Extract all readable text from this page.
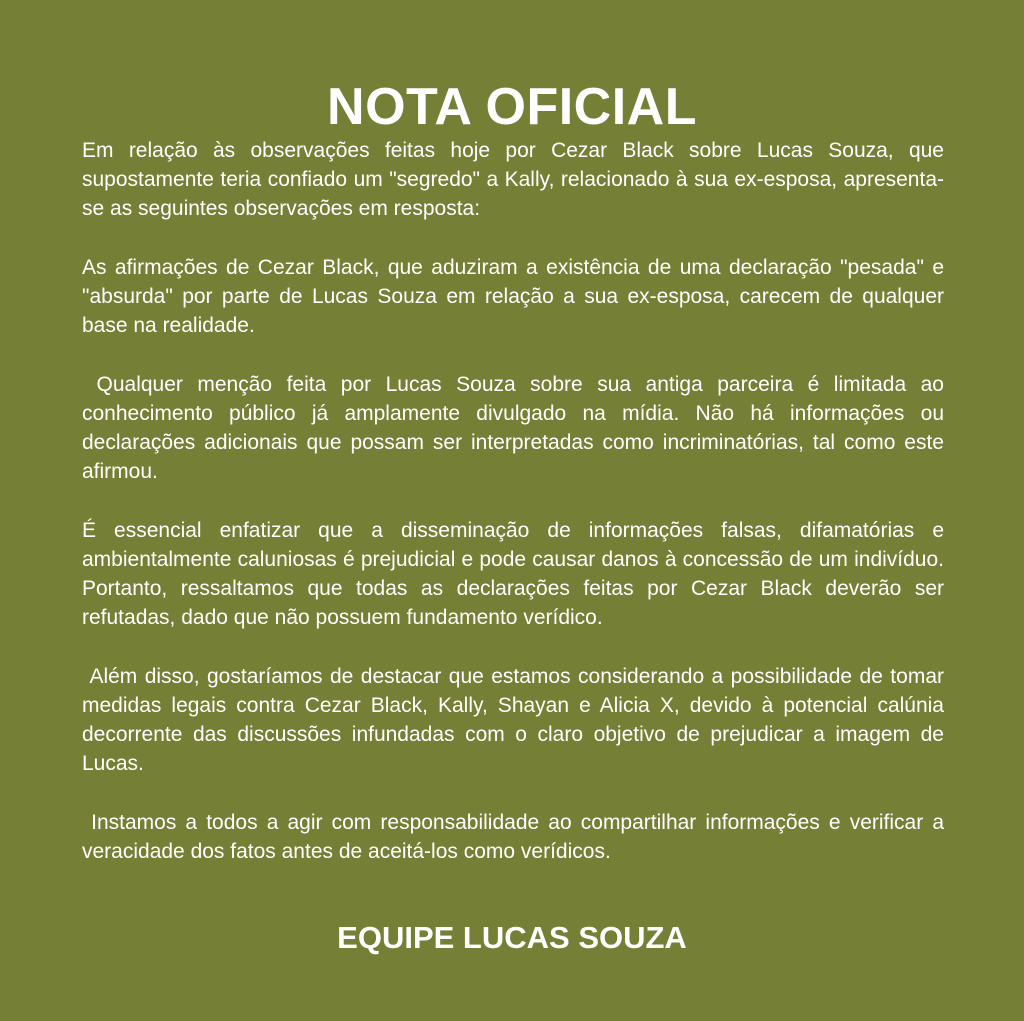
NOTA OFICIAL

Em relação às observações feitas hoje por Cezar Black sobre Lucas Souza, que supostamente teria confiado um "segredo" a Kally, relacionado à sua ex-esposa, apresenta-se as seguintes observações em resposta:

As afirmações de Cezar Black, que aduziram a existência de uma declaração "pesada" e "absurda" por parte de Lucas Souza em relação a sua ex-esposa, carecem de qualquer base na realidade.

Qualquer menção feita por Lucas Souza sobre sua antiga parceira é limitada ao conhecimento público já amplamente divulgado na mídia. Não há informações ou declarações adicionais que possam ser interpretadas como incriminatórias, tal como este afirmou.

É essencial enfatizar que a disseminação de informações falsas, difamatórias e ambientalmente caluniosas é prejudicial e pode causar danos à concessão de um indivíduo. Portanto, ressaltamos que todas as declarações feitas por Cezar Black deverão ser refutadas, dado que não possuem fundamento verídico.

Além disso, gostaríamos de destacar que estamos considerando a possibilidade de tomar medidas legais contra Cezar Black, Kally, Shayan e Alicia X, devido à potencial calúnia decorrente das discussões infundadas com o claro objetivo de prejudicar a imagem de Lucas.

Instamos a todos a agir com responsabilidade ao compartilhar informações e verificar a veracidade dos fatos antes de aceitá-los como verídicos.

EQUIPE LUCAS SOUZA
